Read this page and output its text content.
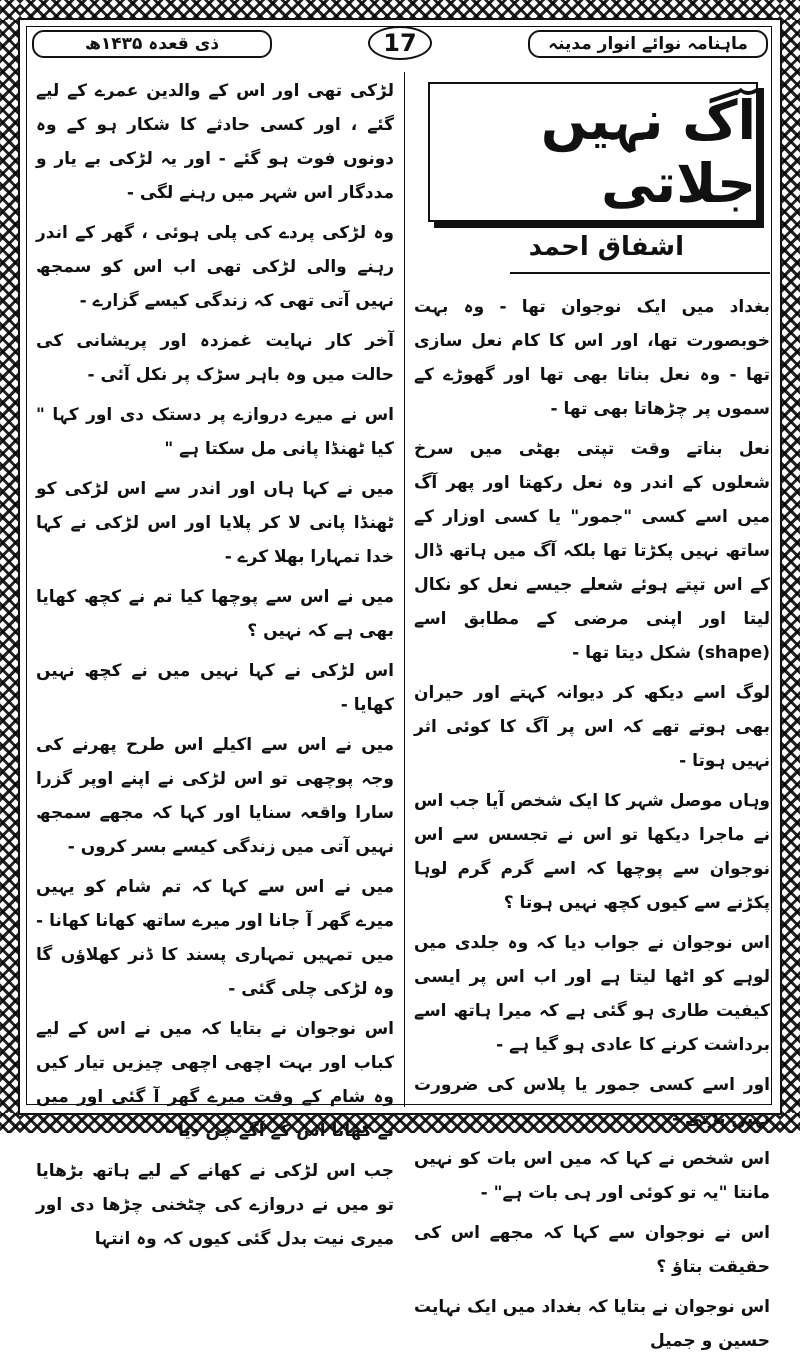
ماہنامہ نوائے انوار مدینہ
17
ذی قعدہ ۱۴۳۵ھ
آگ نہیں جلاتی
اشفاق احمد

بغداد میں ایک نوجوان تھا - وہ بہت خوبصورت تھا، اور اس کا کام نعل سازی تھا - وہ نعل بناتا بھی تھا اور گھوڑے کے سموں پر چڑھاتا بھی تھا -

نعل بناتے وقت تپتی بھٹی میں سرخ شعلوں کے اندر وہ نعل رکھتا اور پھر آگ میں اسے کسی "جمور" یا کسی اوزار کے ساتھ نہیں پکڑتا تھا بلکہ آگ میں ہاتھ ڈال کے اس تپتے ہوئے شعلے جیسے نعل کو نکال لیتا اور اپنی مرضی کے مطابق اسے (shape) شکل دیتا تھا -

لوگ اسے دیکھ کر دیوانہ کہتے اور حیران بھی ہوتے تھے کہ اس پر آگ کا کوئی اثر نہیں ہوتا -

وہاں موصل شہر کا ایک شخص آیا جب اس نے ماجرا دیکھا تو اس نے تجسس سے اس نوجوان سے پوچھا کہ اسے گرم گرم لوہا پکڑنے سے کیوں کچھ نہیں ہوتا ؟

اس نوجوان نے جواب دیا کہ وہ جلدی میں لوہے کو اٹھا لیتا ہے اور اب اس پر ایسی کیفیت طاری ہو گئی ہے کہ میرا ہاتھ اسے برداشت کرنے کا عادی ہو گیا ہے -

اور اسے کسی جمور یا پلاس کی ضرورت نہیں پڑتی -

اس شخص نے کہا کہ میں اس بات کو نہیں مانتا "یہ تو کوئی اور ہی بات ہے" -

اس نے نوجوان سے کہا کہ مجھے اس کی حقیقت بتاؤ ؟

اس نوجوان نے بتایا کہ بغداد میں ایک نہایت حسین و جمیل

لڑکی تھی اور اس کے والدین عمرے کے لیے گئے ، اور کسی حادثے کا شکار ہو کے وہ دونوں فوت ہو گئے - اور یہ لڑکی بے یار و مددگار اس شہر میں رہنے لگی -

وہ لڑکی پردے کی پلی ہوئی ، گھر کے اندر رہنے والی لڑکی تھی اب اس کو سمجھ نہیں آتی تھی کہ زندگی کیسے گزارے -

آخر کار نہایت غمزدہ اور پریشانی کی حالت میں وہ باہر سڑک پر نکل آئی -

اس نے میرے دروازے پر دستک دی اور کہا " کیا ٹھنڈا پانی مل سکتا ہے "

میں نے کہا ہاں اور اندر سے اس لڑکی کو ٹھنڈا پانی لا کر پلایا اور اس لڑکی نے کہا خدا تمہارا بھلا کرے -

میں نے اس سے پوچھا کیا تم نے کچھ کھایا بھی ہے کہ نہیں ؟

اس لڑکی نے کہا نہیں میں نے کچھ نہیں کھایا -

میں نے اس سے اکیلے اس طرح پھرنے کی وجہ پوچھی تو اس لڑکی نے اپنے اوپر گزرا سارا واقعہ سنایا اور کہا کہ مجھے سمجھ نہیں آتی میں زندگی کیسے بسر کروں -

میں نے اس سے کہا کہ تم شام کو یہیں میرے گھر آ جانا اور میرے ساتھ کھانا کھانا - میں تمہیں تمہاری پسند کا ڈنر کھلاؤں گا وہ لڑکی چلی گئی -

اس نوجوان نے بتایا کہ میں نے اس کے لیے کباب اور بہت اچھی اچھی چیزیں تیار کیں وہ شام کے وقت میرے گھر آ گئی اور میں نے کھانا اس کے آگے چن دیا -

جب اس لڑکی نے کھانے کے لیے ہاتھ بڑھایا تو میں نے دروازے کی چٹخنی چڑھا دی اور میری نیت بدل گئی کیوں کہ وہ انتہا
